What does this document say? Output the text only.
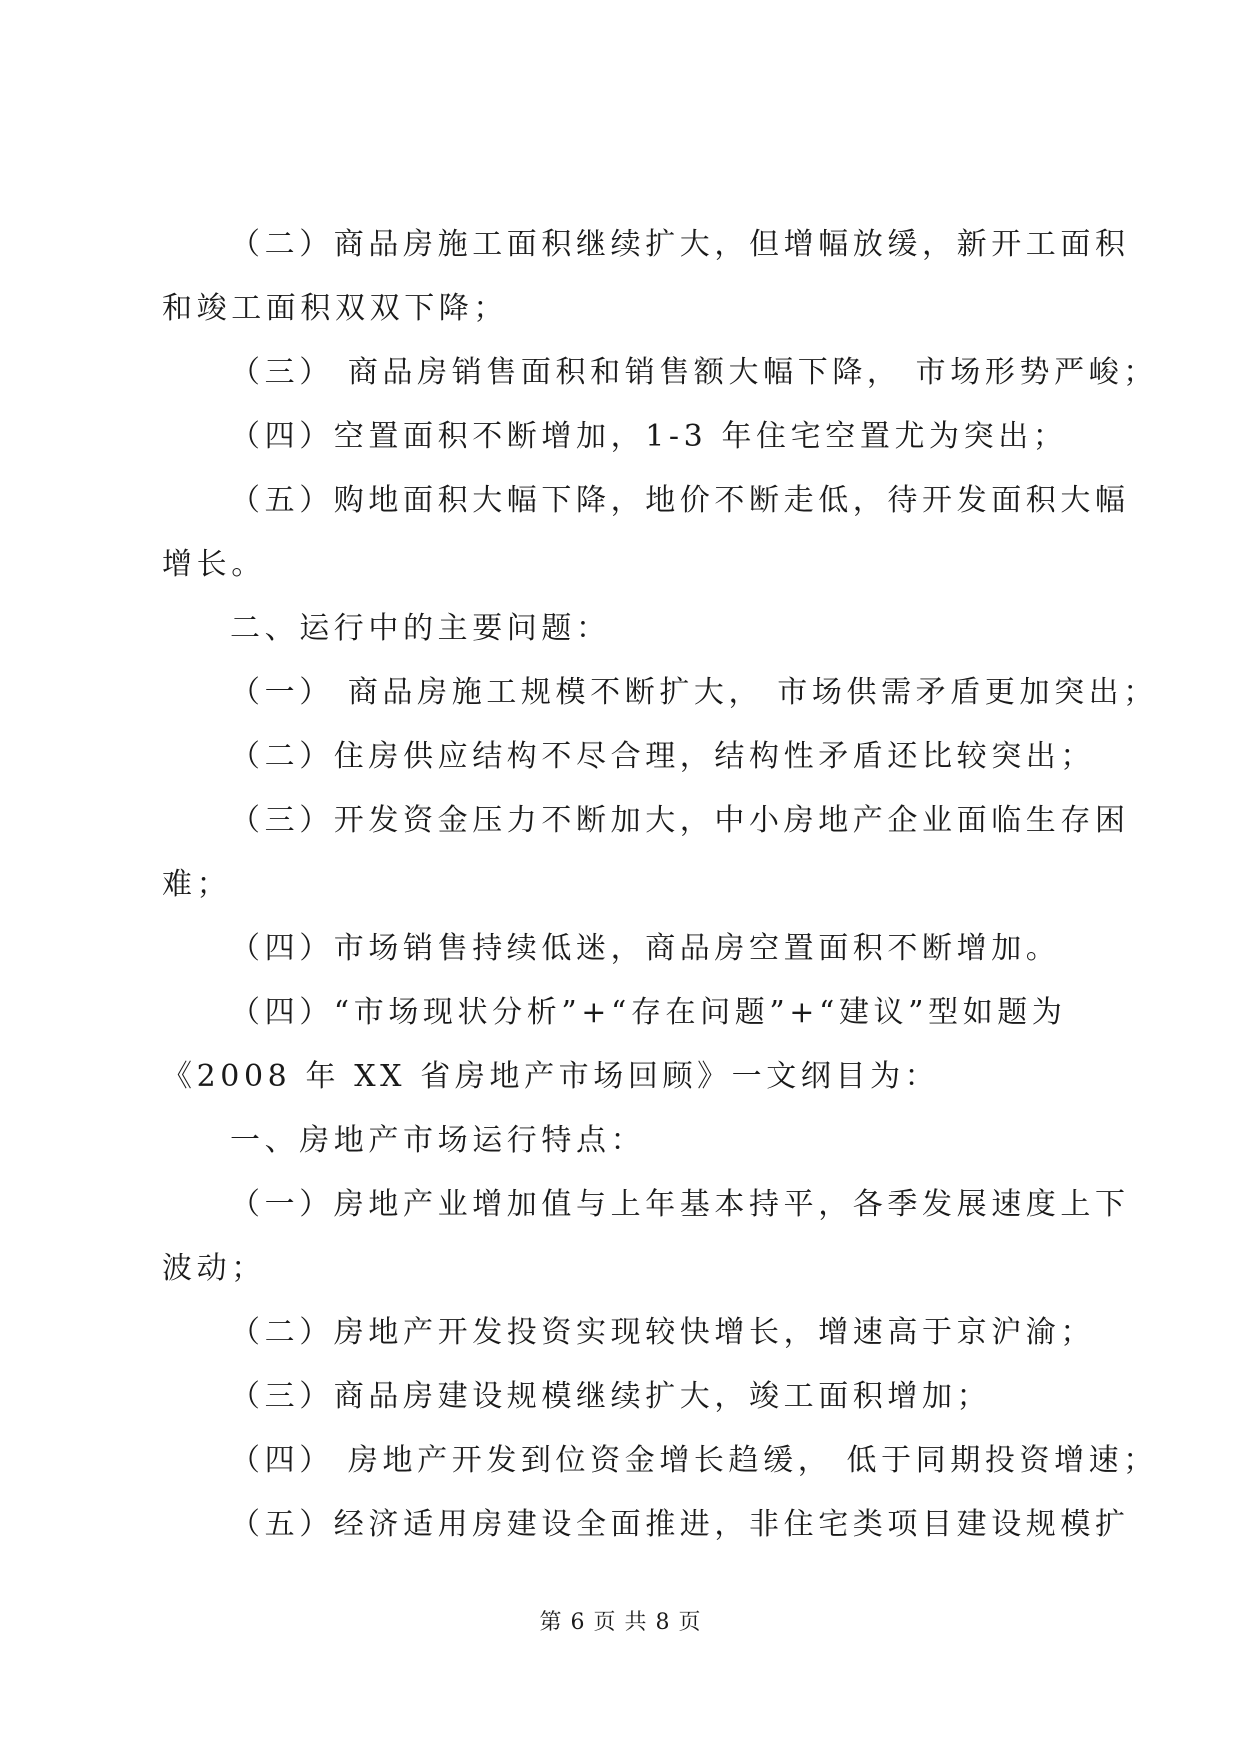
（二）商品房施工面积继续扩大，但增幅放缓，新开工面积
和竣工面积双双下降；
（三） 商品房销售面积和销售额大幅下降， 市场形势严峻；
（四）空置面积不断增加，1-3 年住宅空置尤为突出；
（五）购地面积大幅下降，地价不断走低，待开发面积大幅
增长。
二、运行中的主要问题：
（一） 商品房施工规模不断扩大， 市场供需矛盾更加突出；
（二）住房供应结构不尽合理，结构性矛盾还比较突出；
（三）开发资金压力不断加大，中小房地产企业面临生存困
难；
（四）市场销售持续低迷，商品房空置面积不断增加。
（四）“市场现状分析”+“存在问题”+“建议”型如题为
《2008 年 XX 省房地产市场回顾》一文纲目为：
一、房地产市场运行特点：
（一）房地产业增加值与上年基本持平，各季发展速度上下
波动；
（二）房地产开发投资实现较快增长，增速高于京沪渝；
（三）商品房建设规模继续扩大，竣工面积增加；
（四） 房地产开发到位资金增长趋缓， 低于同期投资增速；
（五）经济适用房建设全面推进，非住宅类项目建设规模扩
第 6 页 共 8 页
